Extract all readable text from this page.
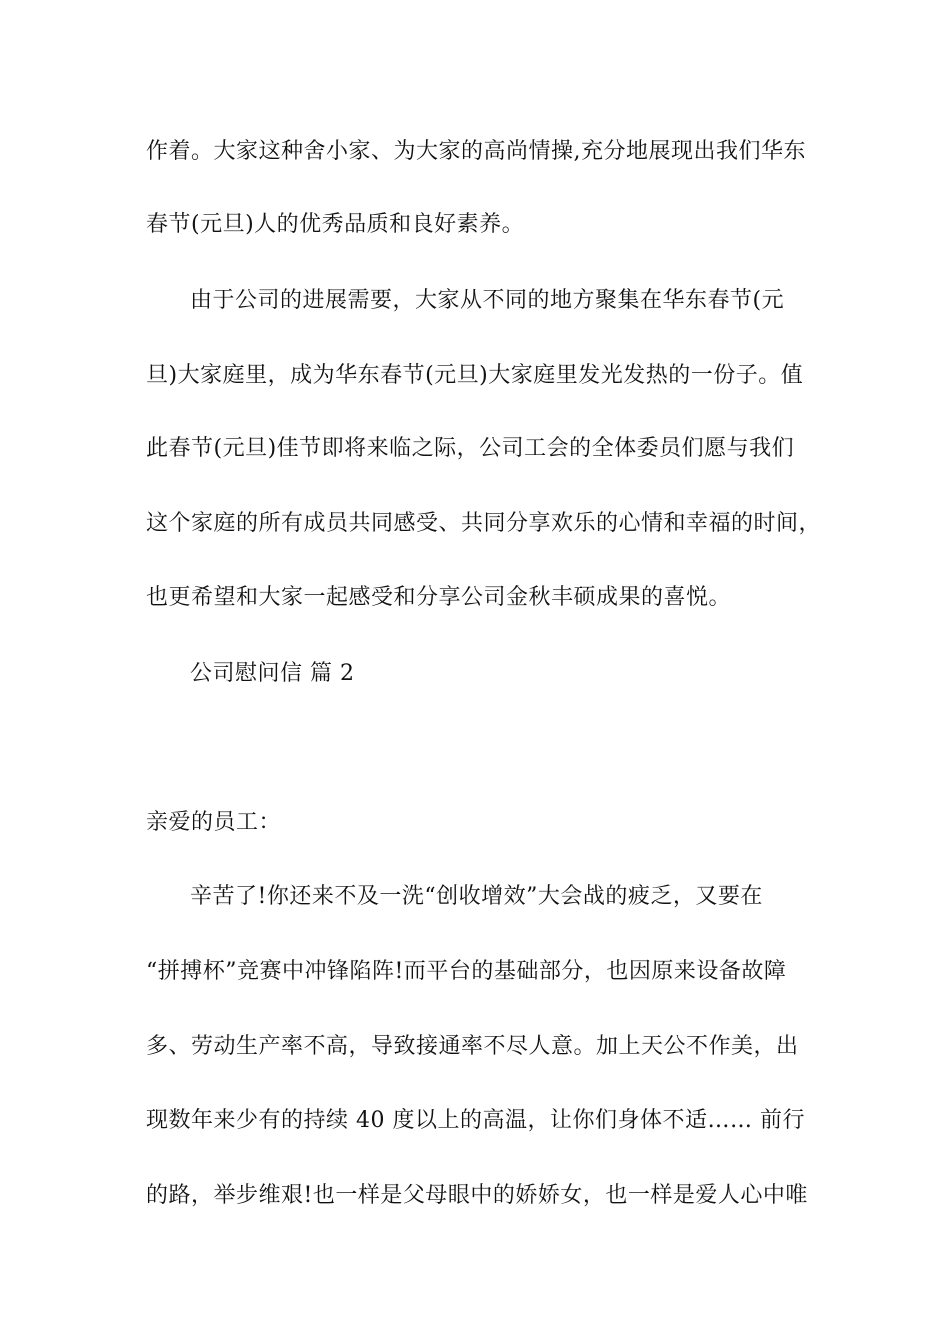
作着。大家这种舍小家、为大家的高尚情操,充分地展现出我们华东
春节(元旦)人的优秀品质和良好素养。
由于公司的进展需要，大家从不同的地方聚集在华东春节(元
旦)大家庭里，成为华东春节(元旦)大家庭里发光发热的一份子。值
此春节(元旦)佳节即将来临之际，公司工会的全体委员们愿与我们
这个家庭的所有成员共同感受、共同分享欢乐的心情和幸福的时间，
也更希望和大家一起感受和分享公司金秋丰硕成果的喜悦。
公司慰问信 篇 2
亲爱的员工：
辛苦了!你还来不及一洗“创收增效”大会战的疲乏，又要在
“拼搏杯”竞赛中冲锋陷阵!而平台的基础部分，也因原来设备故障
多、劳动生产率不高，导致接通率不尽人意。加上天公不作美，出
现数年来少有的持续 40 度以上的高温，让你们身体不适…… 前行
的路，举步维艰!也一样是父母眼中的娇娇女，也一样是爱人心中唯
